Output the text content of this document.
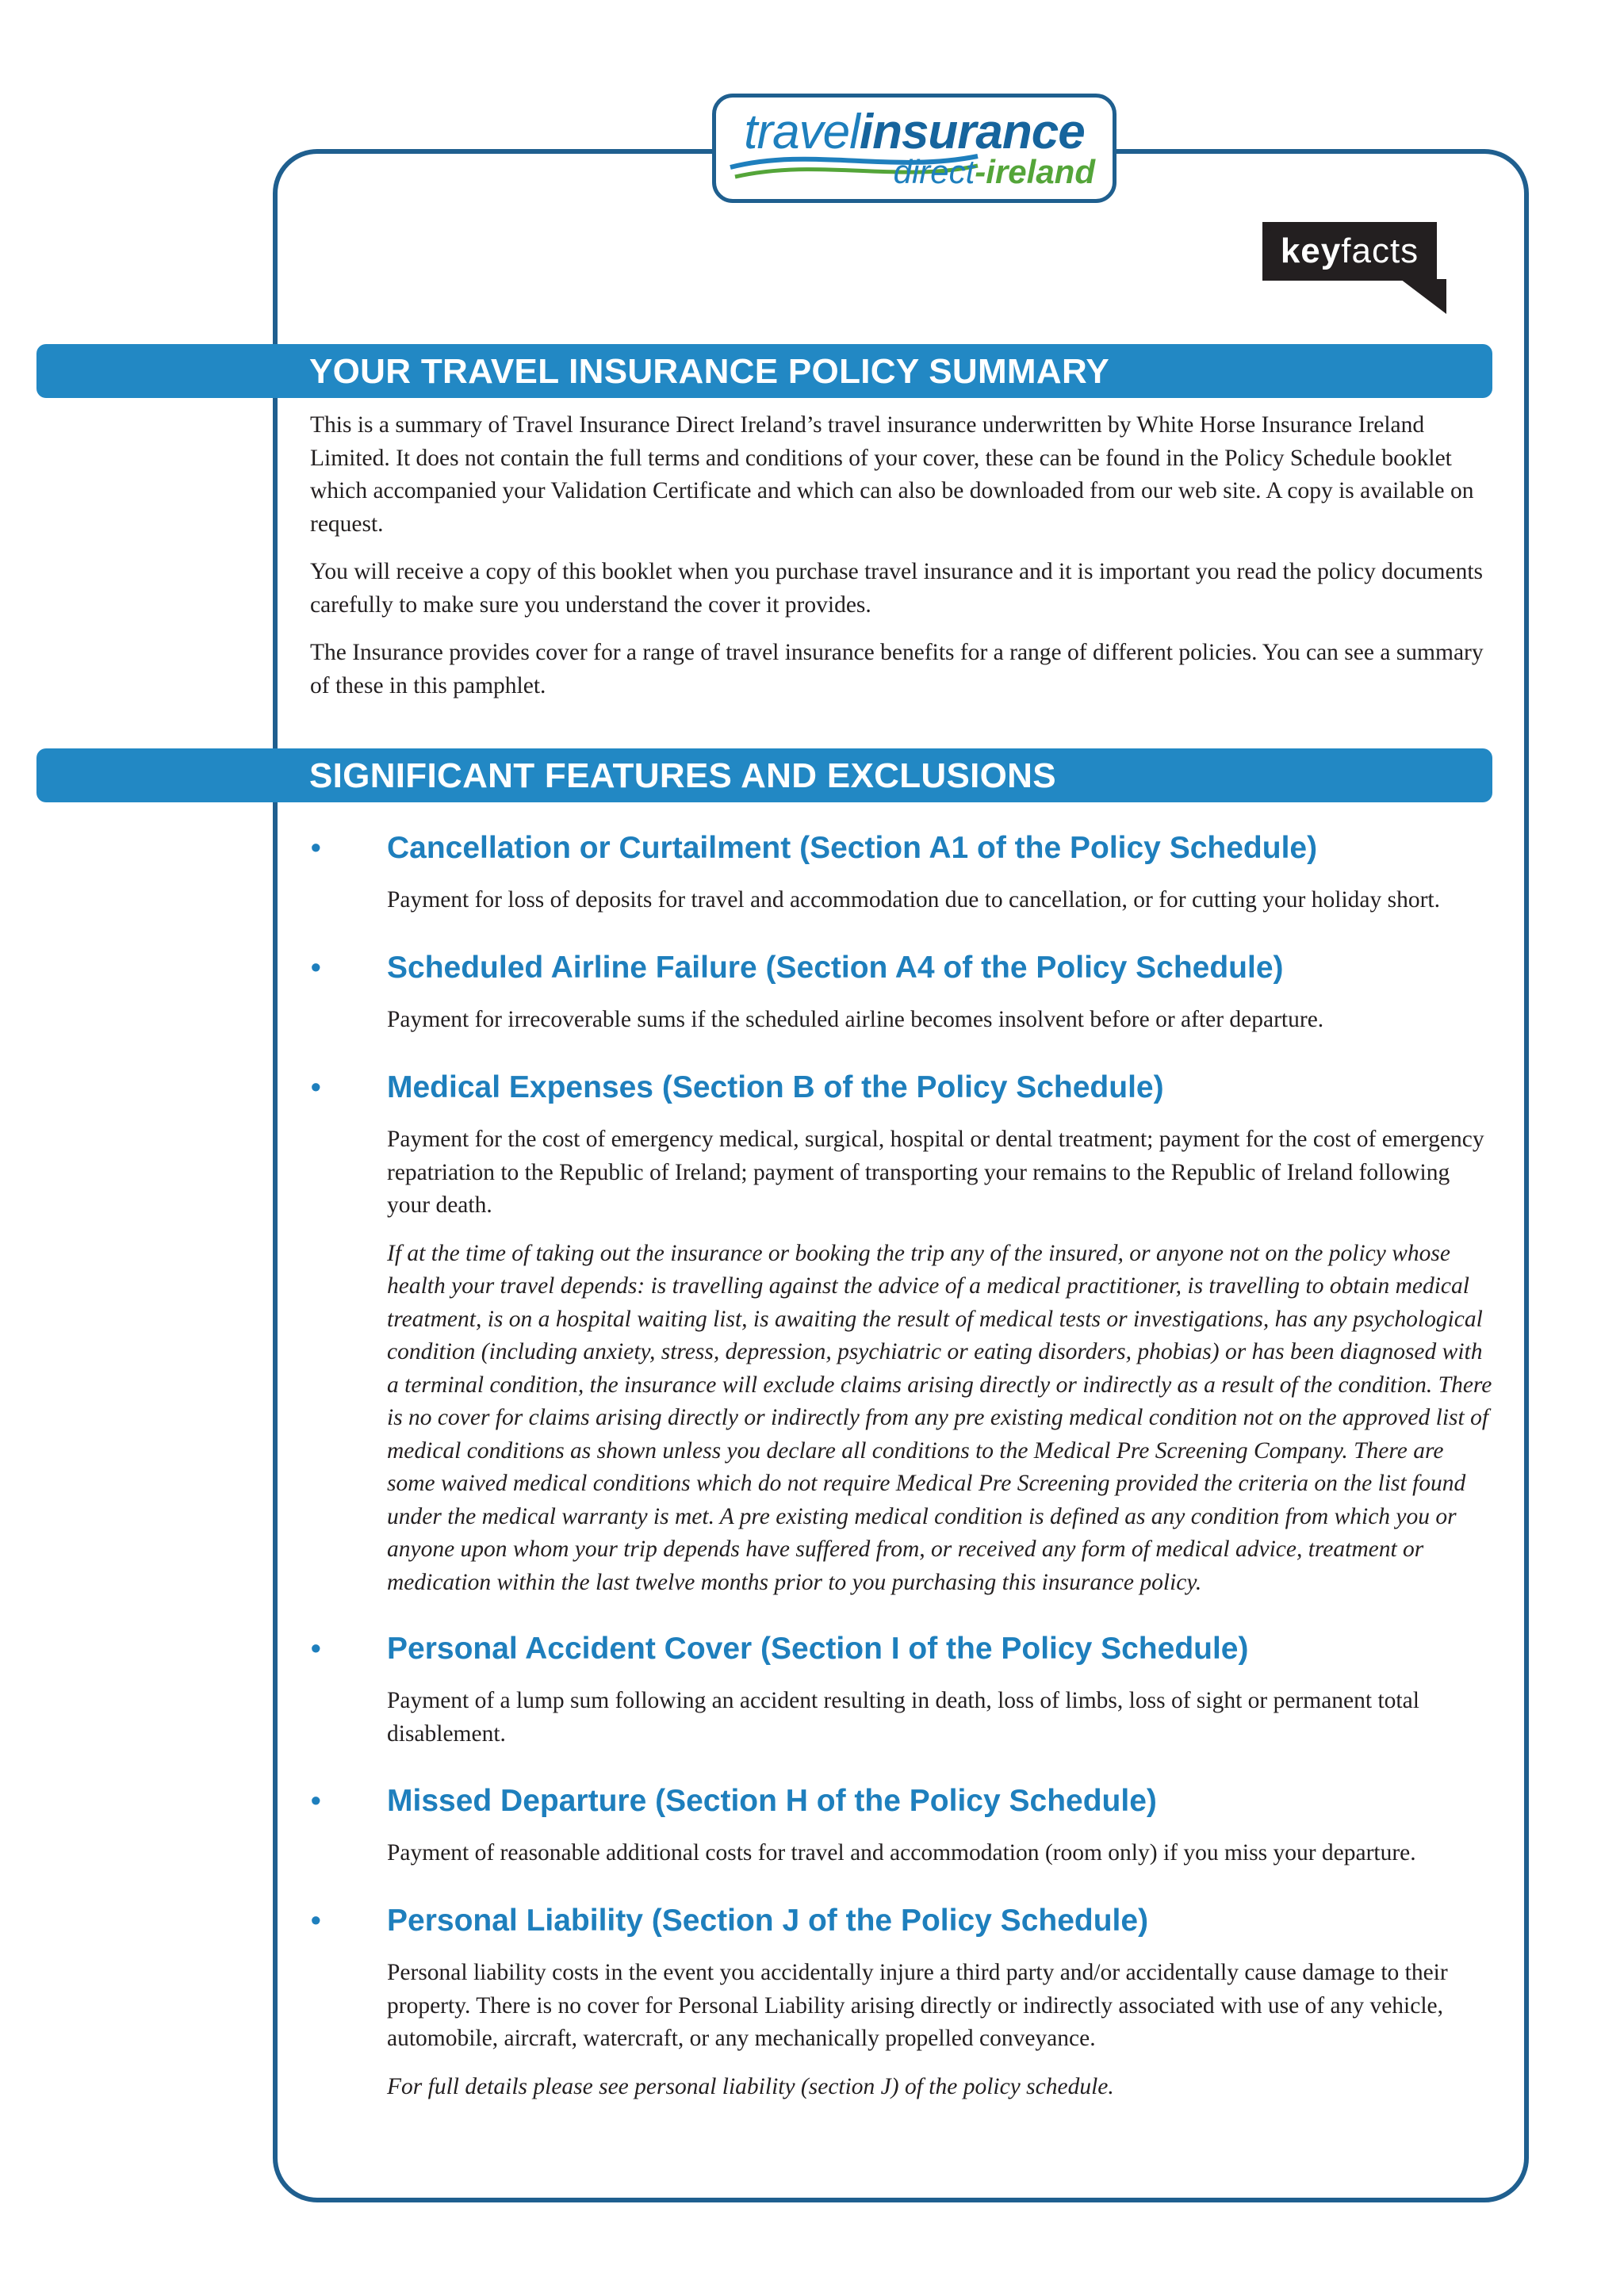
travelinsurance
direct-ireland
keyfacts
®
YOUR TRAVEL INSURANCE POLICY SUMMARY

This is a summary of Travel Insurance Direct Ireland’s travel insurance underwritten by White Horse Insurance Ireland Limited. It does not contain the full terms and conditions of your cover, these can be found in the Policy Schedule booklet which accompanied your Validation Certificate and which can also be downloaded from our web site. A copy is available on request.

You will receive a copy of this booklet when you purchase travel insurance and it is important you read the policy documents carefully to make sure you understand the cover it provides.

The Insurance provides cover for a range of travel insurance benefits for a range of different policies. You can see a summary of these in this pamphlet.

SIGNIFICANT FEATURES AND EXCLUSIONS
• Cancellation or Curtailment (Section A1 of the Policy Schedule)

Payment for loss of deposits for travel and accommodation due to cancellation, or for cutting your holiday short.

• Scheduled Airline Failure (Section A4 of the Policy Schedule)

Payment for irrecoverable sums if the scheduled airline becomes insolvent before or after departure.

• Medical Expenses (Section B of the Policy Schedule)

Payment for the cost of emergency medical, surgical, hospital or dental treatment; payment for the cost of emergency repatriation to the Republic of Ireland; payment of transporting your remains to the Republic of Ireland following your death.

If at the time of taking out the insurance or booking the trip any of the insured, or anyone not on the policy whose health your travel depends: is travelling against the advice of a medical practitioner, is travelling to obtain medical treatment, is on a hospital waiting list, is awaiting the result of medical tests or investigations, has any psychological condition (including anxiety, stress, depression, psychiatric or eating disorders, phobias) or has been diagnosed with a terminal condition, the insurance will exclude claims arising directly or indirectly as a result of the condition. There is no cover for claims arising directly or indirectly from any pre existing medical condition not on the approved list of medical conditions as shown unless you declare all conditions to the Medical Pre Screening Company. There are some waived medical conditions which do not require Medical Pre Screening provided the criteria on the list found under the medical warranty is met. A pre existing medical condition is defined as any condition from which you or anyone upon whom your trip depends have suffered from, or received any form of medical advice, treatment or medication within the last twelve months prior to you purchasing this insurance policy.

• Personal Accident Cover (Section I of the Policy Schedule)

Payment of a lump sum following an accident resulting in death, loss of limbs, loss of sight or permanent total disablement.

• Missed Departure (Section H of the Policy Schedule)

Payment of reasonable additional costs for travel and accommodation (room only) if you miss your departure.

• Personal Liability (Section J of the Policy Schedule)

Personal liability costs in the event you accidentally injure a third party and/or accidentally cause damage to their property. There is no cover for Personal Liability arising directly or indirectly associated with use of any vehicle, automobile, aircraft, watercraft, or any mechanically propelled conveyance.

For full details please see personal liability (section J) of the policy schedule.
